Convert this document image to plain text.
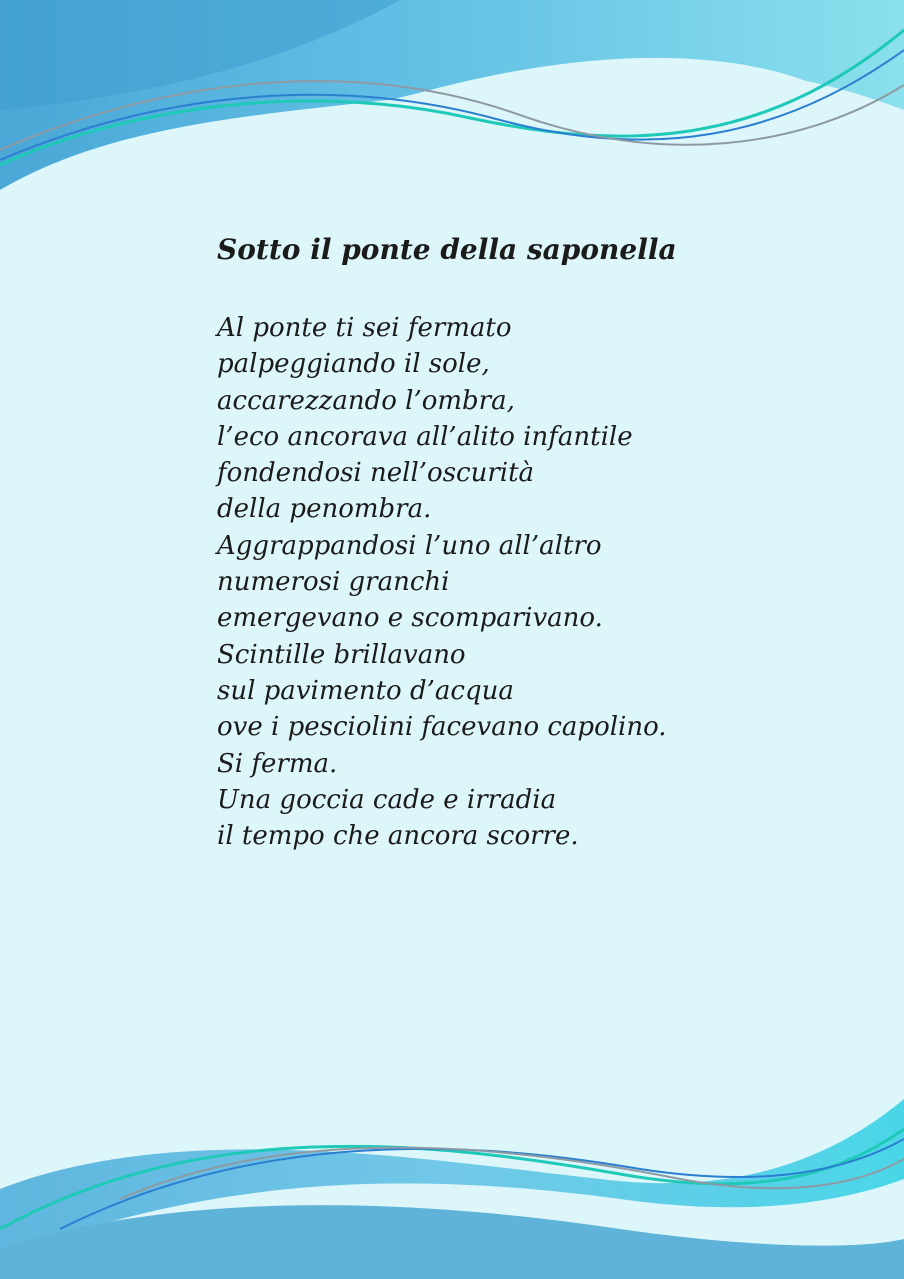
Sotto il ponte della saponella
Al ponte ti sei fermato
palpeggiando il sole,
accarezzando l’ombra,
l’eco ancorava all’alito infantile
fondendosi nell’oscurità
della penombra.
Aggrappandosi l’uno all’altro
numerosi granchi
emergevano e scomparivano.
Scintille brillavano
sul pavimento d’acqua
ove i pesciolini facevano capolino.
Si ferma.
Una goccia cade e irradia
il tempo che ancora scorre.
